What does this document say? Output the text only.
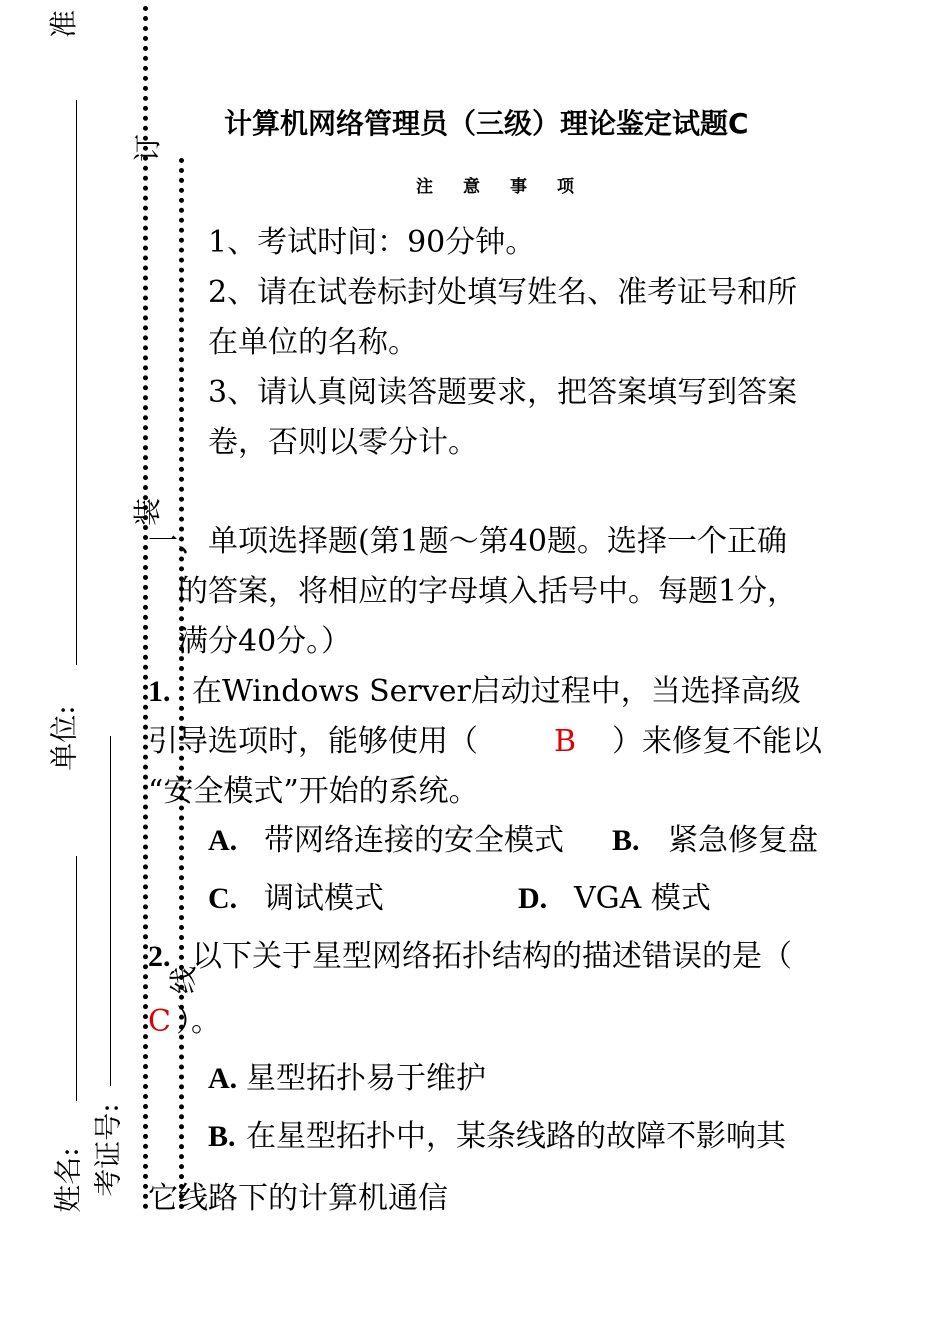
准
订
装
线
单位:
姓名: 考证号:
计算机网络管理员（三级）理论鉴定试题C
注意事项
1、考试时间：90分钟。
2、请在试卷标封处填写姓名、准考证号和所
在单位的名称。
3、请认真阅读答题要求，把答案填写到答案
卷，否则以零分计。
一、 单项选择题(第1题～第40题。选择一个正确
的答案，将相应的字母填入括号中。每题1分，
满分40分。）
1. 在Windows Server启动过程中，当选择高级
引导选项时，能够使用（	B ）来修复不能以
“安全模式”开始的系统。
A. 带网络连接的安全模式 B. 紧急修复盘
C. 调试模式	D. VGA 模式
2. 以下关于星型网络拓扑结构的描述错误的是（
C ）。
A. 星型拓扑易于维护
B. 在星型拓扑中，某条线路的故障不影响其
它线路下的计算机通信
